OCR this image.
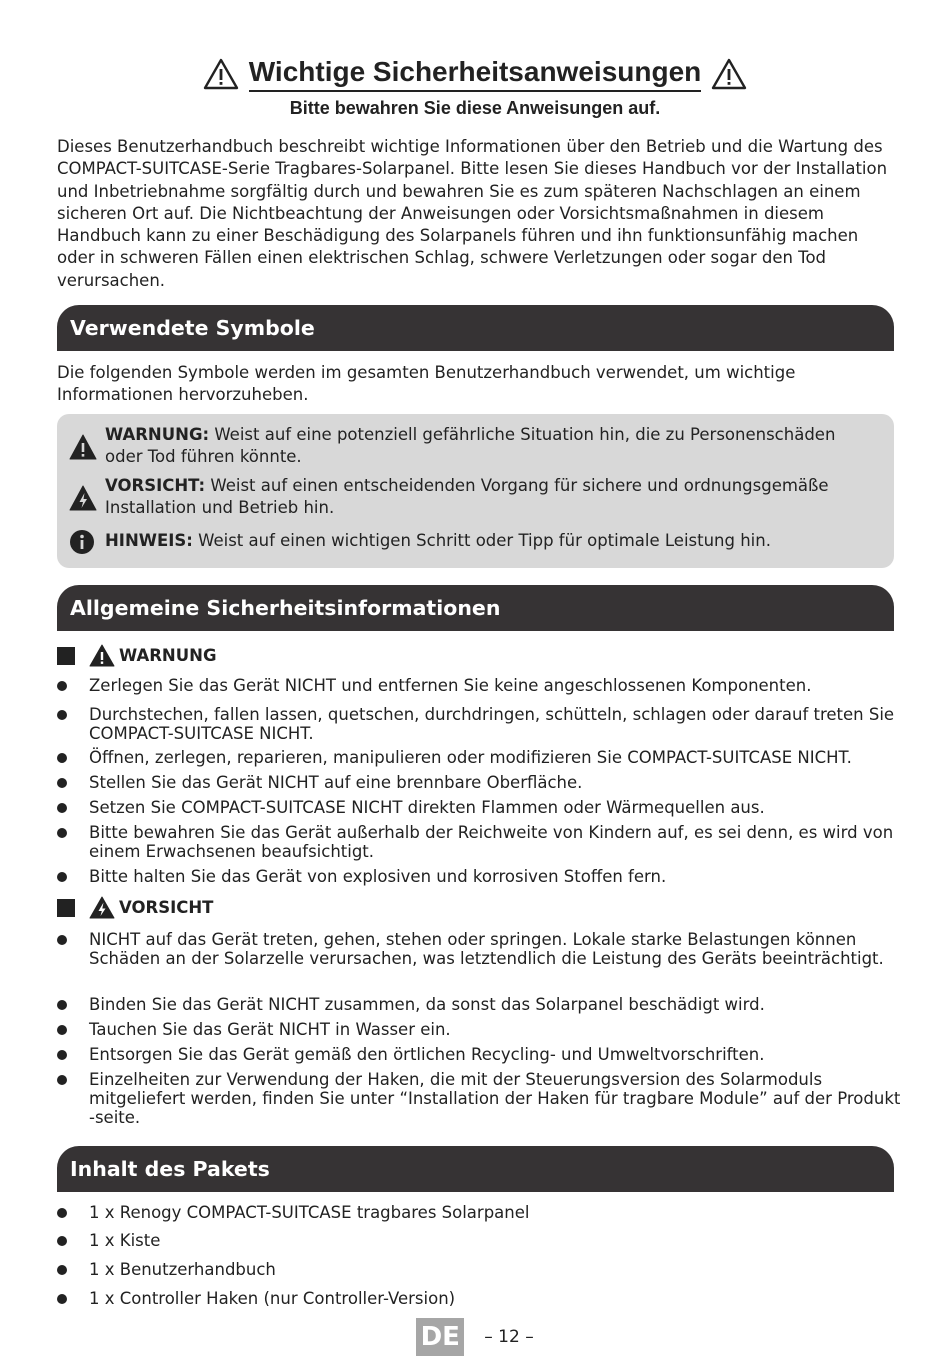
Wichtige Sicherheitsanweisungen
Bitte bewahren Sie diese Anweisungen auf.
Dieses Benutzerhandbuch beschreibt wichtige Informationen über den Betrieb und die Wartung des COMPACT-SUITCASE-Serie Tragbares-Solarpanel. Bitte lesen Sie dieses Handbuch vor der Installation und Inbetriebnahme sorgfältig durch und bewahren Sie es zum späteren Nachschlagen an einem sicheren Ort auf. Die Nichtbeachtung der Anweisungen oder Vorsichtsmaßnahmen in diesem Handbuch kann zu einer Beschädigung des Solarpanels führen und ihn funktionsunfähig machen oder in schweren Fällen einen elektrischen Schlag, schwere Verletzungen oder sogar den Tod verursachen.
Verwendete Symbole
Die folgenden Symbole werden im gesamten Benutzerhandbuch verwendet, um wichtige Informationen hervorzuheben.
WARNUNG: Weist auf eine potenziell gefährliche Situation hin, die zu Personenschäden oder Tod führen könnte.
VORSICHT: Weist auf einen entscheidenden Vorgang für sichere und ordnungsgemäße Installation und Betrieb hin.
HINWEIS: Weist auf einen wichtigen Schritt oder Tipp für optimale Leistung hin.
Allgemeine Sicherheitsinformationen
WARNUNG
Zerlegen Sie das Gerät NICHT und entfernen Sie keine angeschlossenen Komponenten.
Durchstechen, fallen lassen, quetschen, durchdringen, schütteln, schlagen oder darauf treten Sie COMPACT-SUITCASE NICHT.
Öffnen, zerlegen, reparieren, manipulieren oder modifizieren Sie COMPACT-SUITCASE NICHT.
Stellen Sie das Gerät NICHT auf eine brennbare Oberfläche.
Setzen Sie COMPACT-SUITCASE NICHT direkten Flammen oder Wärmequellen aus.
Bitte bewahren Sie das Gerät außerhalb der Reichweite von Kindern auf, es sei denn, es wird von einem Erwachsenen beaufsichtigt.
Bitte halten Sie das Gerät von explosiven und korrosiven Stoffen fern.
VORSICHT
NICHT auf das Gerät treten, gehen, stehen oder springen. Lokale starke Belastungen können Schäden an der Solarzelle verursachen, was letztendlich die Leistung des Geräts beeinträchtigt.
Binden Sie das Gerät NICHT zusammen, da sonst das Solarpanel beschädigt wird.
Tauchen Sie das Gerät NICHT in Wasser ein.
Entsorgen Sie das Gerät gemäß den örtlichen Recycling- und Umweltvorschriften.
Einzelheiten zur Verwendung der Haken, die mit der Steuerungsversion des Solarmoduls mitgeliefert werden, finden Sie unter “Installation der Haken für tragbare Module” auf der Produkt -seite.
Inhalt des Pakets
1 x Renogy COMPACT-SUITCASE tragbares Solarpanel
1 x Kiste
1 x Benutzerhandbuch
1 x Controller Haken (nur Controller-Version)
DE – 12 –
